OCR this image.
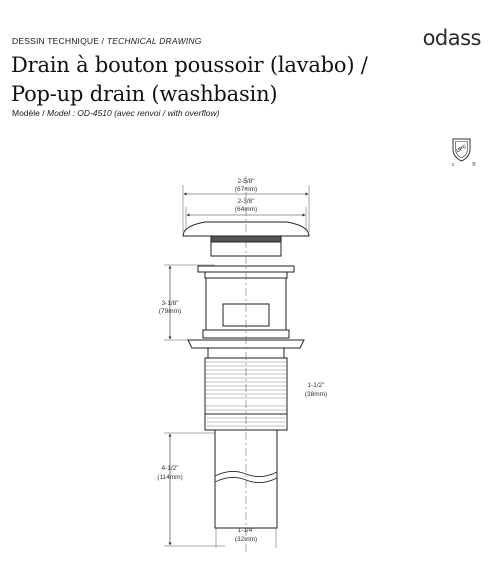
DESSIN TECHNIQUE / TECHNICAL DRAWING	odass
Drain à bouton poussoir (lavabo) /
Pop-up drain (washbasin)
Modèle / Model : OD-4510 (avec renvoi / with overflow)
UPC
c	®
2-5/8"
(67mm)
2-3/8"
(64mm)
3-1/8"
(79mm)
1-1/2"
(38mm)
4-1/2"
(114mm)
1-1/4"
(32mm)
